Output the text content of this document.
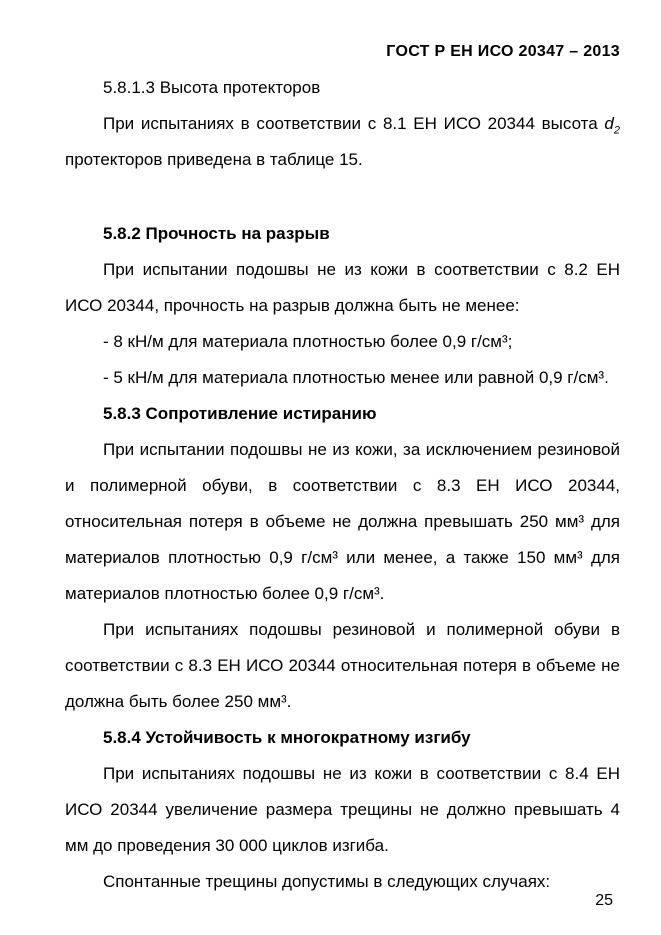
ГОСТ Р ЕН ИСО 20347 – 2013
5.8.1.3 Высота протекторов

При испытаниях в соответствии с 8.1 ЕН ИСО 20344 высота $d_2$ протекторов приведена в таблице 15.

5.8.2 Прочность на разрыв

При испытании подошвы не из кожи в соответствии с 8.2 ЕН ИСО 20344, прочность на разрыв должна быть не менее:

- 8 кН/м для материала плотностью более 0,9 г/см³;
- 5 кН/м для материала плотностью менее или равной 0,9 г/см³.
5.8.3 Сопротивление истиранию

При испытании подошвы не из кожи, за исключением резиновой и полимерной обуви, в соответствии с 8.3 ЕН ИСО 20344, относительная потеря в объеме не должна превышать 250 мм³ для материалов плотностью 0,9 г/см³ или менее, а также 150 мм³ для материалов плотностью более 0,9 г/см³.

При испытаниях подошвы резиновой и полимерной обуви в соответствии с 8.3 ЕН ИСО 20344 относительная потеря в объеме не должна быть более 250 мм³.

5.8.4 Устойчивость к многократному изгибу

При испытаниях подошвы не из кожи в соответствии с 8.4 ЕН ИСО 20344 увеличение размера трещины не должно превышать 4 мм до проведения 30 000 циклов изгиба.

Спонтанные трещины допустимы в следующих случаях:

25
